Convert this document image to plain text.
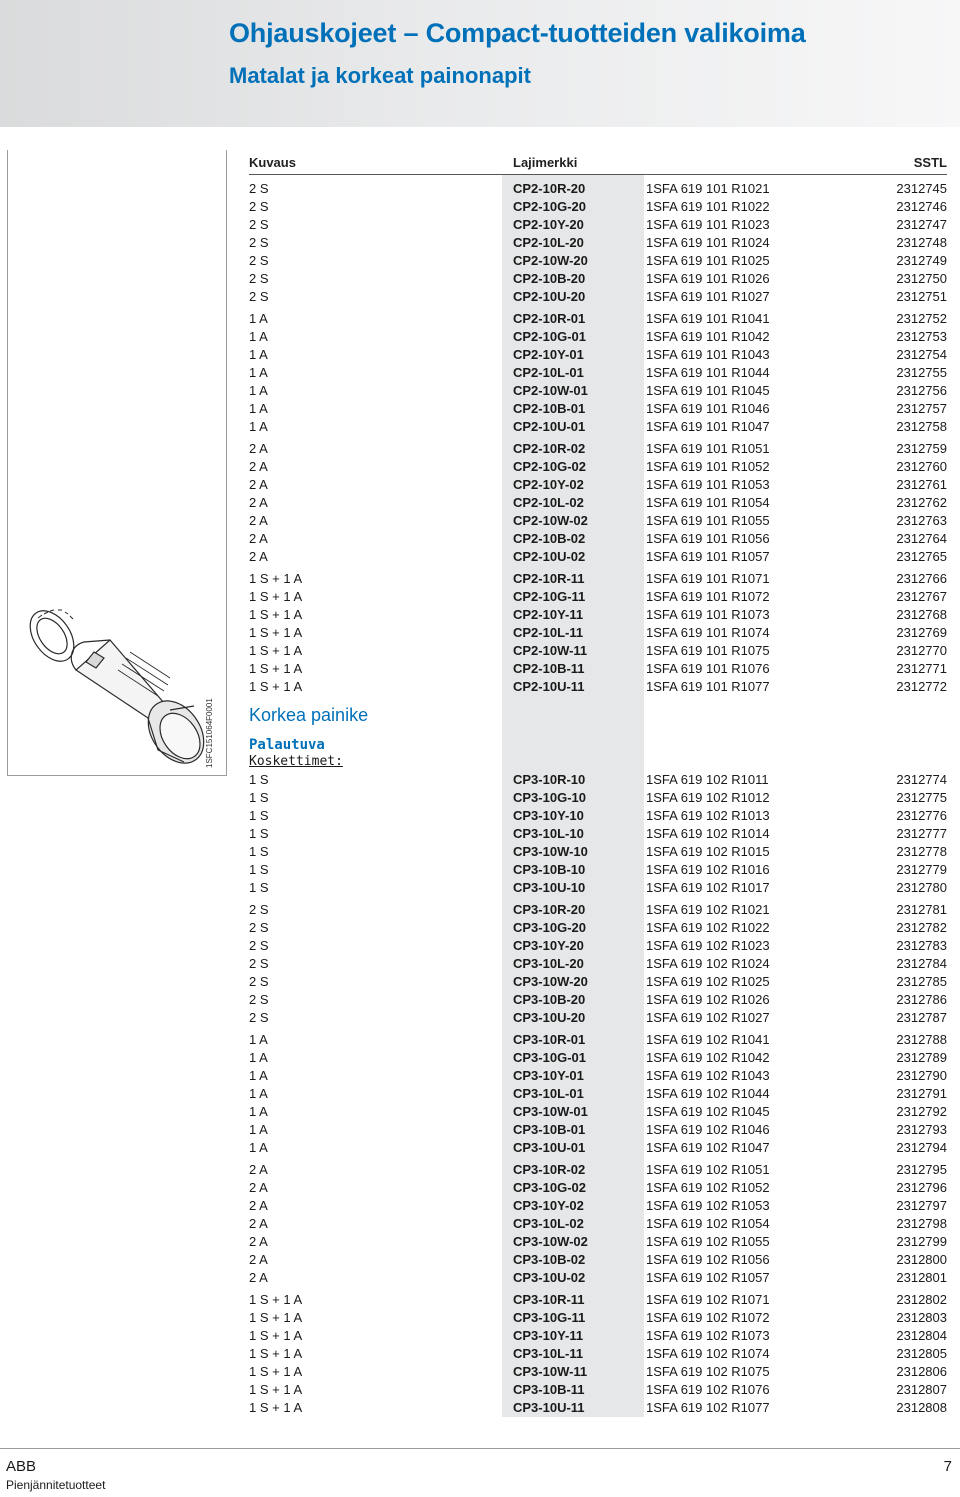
Ohjauskojeet – Compact-tuotteiden valikoima
Matalat ja korkeat painonapit
1SFC151064F0001
Kuvaus	Lajimerkki	SSTL
2 S	CP2-10R-20	1SFA 619 101 R1021	2312745
2 S	CP2-10G-20	1SFA 619 101 R1022	2312746
2 S	CP2-10Y-20	1SFA 619 101 R1023	2312747
2 S	CP2-10L-20	1SFA 619 101 R1024	2312748
2 S	CP2-10W-20	1SFA 619 101 R1025	2312749
2 S	CP2-10B-20	1SFA 619 101 R1026	2312750
2 S	CP2-10U-20	1SFA 619 101 R1027	2312751
1 A	CP2-10R-01	1SFA 619 101 R1041	2312752
1 A	CP2-10G-01	1SFA 619 101 R1042	2312753
1 A	CP2-10Y-01	1SFA 619 101 R1043	2312754
1 A	CP2-10L-01	1SFA 619 101 R1044	2312755
1 A	CP2-10W-01	1SFA 619 101 R1045	2312756
1 A	CP2-10B-01	1SFA 619 101 R1046	2312757
1 A	CP2-10U-01	1SFA 619 101 R1047	2312758
2 A	CP2-10R-02	1SFA 619 101 R1051	2312759
2 A	CP2-10G-02	1SFA 619 101 R1052	2312760
2 A	CP2-10Y-02	1SFA 619 101 R1053	2312761
2 A	CP2-10L-02	1SFA 619 101 R1054	2312762
2 A	CP2-10W-02	1SFA 619 101 R1055	2312763
2 A	CP2-10B-02	1SFA 619 101 R1056	2312764
2 A	CP2-10U-02	1SFA 619 101 R1057	2312765
1 S + 1 A	CP2-10R-11	1SFA 619 101 R1071	2312766
1 S + 1 A	CP2-10G-11	1SFA 619 101 R1072	2312767
1 S + 1 A	CP2-10Y-11	1SFA 619 101 R1073	2312768
1 S + 1 A	CP2-10L-11	1SFA 619 101 R1074	2312769
1 S + 1 A	CP2-10W-11	1SFA 619 101 R1075	2312770
1 S + 1 A	CP2-10B-11	1SFA 619 101 R1076	2312771
1 S + 1 A	CP2-10U-11	1SFA 619 101 R1077	2312772
Korkea painike
Palautuva
Koskettimet:
1 S	CP3-10R-10	1SFA 619 102 R1011	2312774
1 S	CP3-10G-10	1SFA 619 102 R1012	2312775
1 S	CP3-10Y-10	1SFA 619 102 R1013	2312776
1 S	CP3-10L-10	1SFA 619 102 R1014	2312777
1 S	CP3-10W-10	1SFA 619 102 R1015	2312778
1 S	CP3-10B-10	1SFA 619 102 R1016	2312779
1 S	CP3-10U-10	1SFA 619 102 R1017	2312780
2 S	CP3-10R-20	1SFA 619 102 R1021	2312781
2 S	CP3-10G-20	1SFA 619 102 R1022	2312782
2 S	CP3-10Y-20	1SFA 619 102 R1023	2312783
2 S	CP3-10L-20	1SFA 619 102 R1024	2312784
2 S	CP3-10W-20	1SFA 619 102 R1025	2312785
2 S	CP3-10B-20	1SFA 619 102 R1026	2312786
2 S	CP3-10U-20	1SFA 619 102 R1027	2312787
1 A	CP3-10R-01	1SFA 619 102 R1041	2312788
1 A	CP3-10G-01	1SFA 619 102 R1042	2312789
1 A	CP3-10Y-01	1SFA 619 102 R1043	2312790
1 A	CP3-10L-01	1SFA 619 102 R1044	2312791
1 A	CP3-10W-01	1SFA 619 102 R1045	2312792
1 A	CP3-10B-01	1SFA 619 102 R1046	2312793
1 A	CP3-10U-01	1SFA 619 102 R1047	2312794
2 A	CP3-10R-02	1SFA 619 102 R1051	2312795
2 A	CP3-10G-02	1SFA 619 102 R1052	2312796
2 A	CP3-10Y-02	1SFA 619 102 R1053	2312797
2 A	CP3-10L-02	1SFA 619 102 R1054	2312798
2 A	CP3-10W-02	1SFA 619 102 R1055	2312799
2 A	CP3-10B-02	1SFA 619 102 R1056	2312800
2 A	CP3-10U-02	1SFA 619 102 R1057	2312801
1 S + 1 A	CP3-10R-11	1SFA 619 102 R1071	2312802
1 S + 1 A	CP3-10G-11	1SFA 619 102 R1072	2312803
1 S + 1 A	CP3-10Y-11	1SFA 619 102 R1073	2312804
1 S + 1 A	CP3-10L-11	1SFA 619 102 R1074	2312805
1 S + 1 A	CP3-10W-11	1SFA 619 102 R1075	2312806
1 S + 1 A	CP3-10B-11	1SFA 619 102 R1076	2312807
1 S + 1 A	CP3-10U-11	1SFA 619 102 R1077	2312808
ABB
Pienjännitetuotteet
7
